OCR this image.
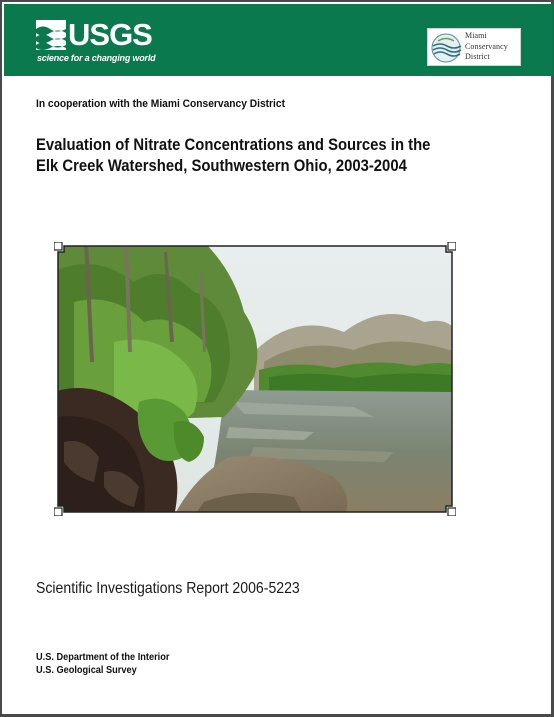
USGS
science for a changing world
Miami
Conservancy
District
In cooperation with the Miami Conservancy District
Evaluation of Nitrate Concentrations and Sources in the
Elk Creek Watershed, Southwestern Ohio, 2003-2004
Scientific Investigations Report 2006-5223
U.S. Department of the Interior
U.S. Geological Survey
